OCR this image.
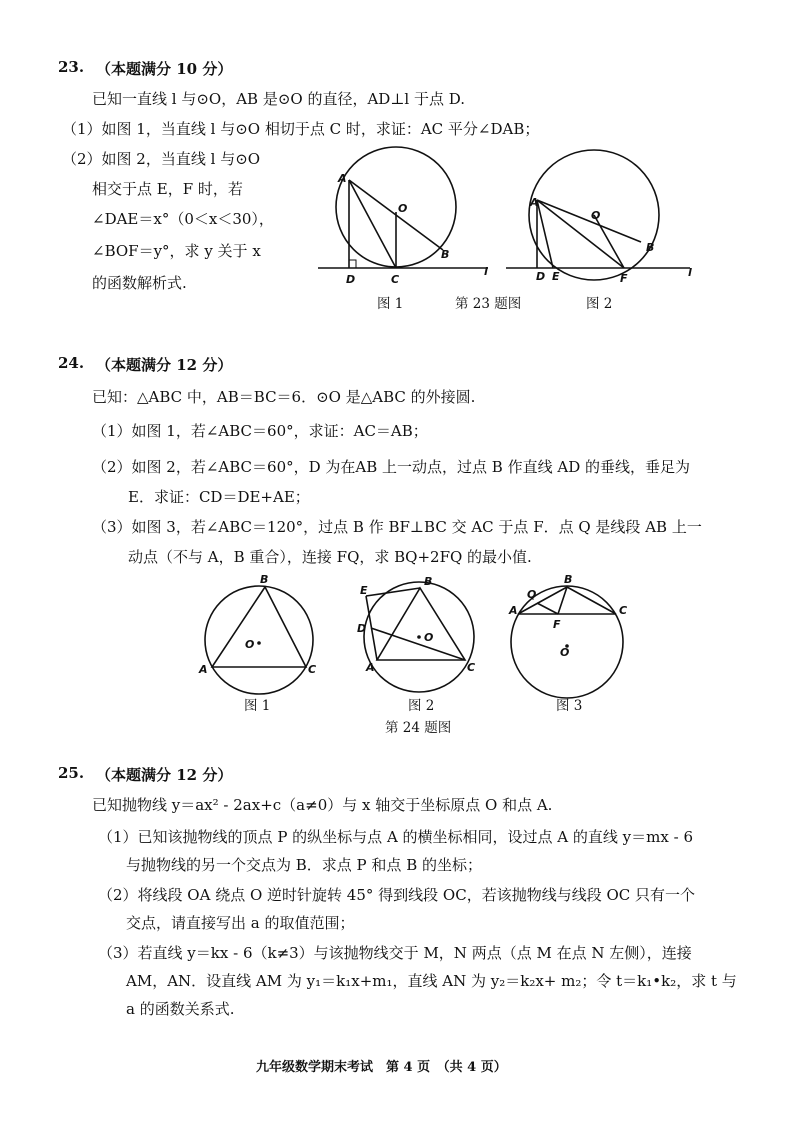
23. （本题满分 10 分）
已知一直线 l 与⊙O，AB 是⊙O 的直径，AD⊥l 于点 D.
（1）如图 1，当直线 l 与⊙O 相切于点 C 时，求证：AC 平分∠DAB；
（2）如图 2，当直线 l 与⊙O
相交于点 E，F 时，若
∠DAE＝x°（0＜x＜30），
∠BOF＝y°，求 y 关于 x
的函数解析式.
A
O
B
D	C
l
A
O
B
D E	F	l
B
A	C
O
B
E
D
A	C
O
B
Q
A	C
F
O
图 1	第 23 题图	图 2
24. （本题满分 12 分）
已知：△ABC 中，AB＝BC＝6．⊙O 是△ABC 的外接圆.
（1）如图 1，若∠ABC＝60°，求证：AC＝AB；
（2）如图 2，若∠ABC＝60°，D 为在AB 上一动点，过点 B 作直线 AD 的垂线，垂足为
E．求证：CD＝DE+AE；
（3）如图 3，若∠ABC＝120°，过点 B 作 BF⊥BC 交 AC 于点 F．点 Q 是线段 AB 上一
动点（不与 A，B 重合），连接 FQ，求 BQ+2FQ 的最小值.
图 1	图 2	图 3
第 24 题图
25. （本题满分 12 分）
已知抛物线 y＝ax² - 2ax+c（a≠0）与 x 轴交于坐标原点 O 和点 A.
（1）已知该抛物线的顶点 P 的纵坐标与点 A 的横坐标相同，设过点 A 的直线 y＝mx - 6
与抛物线的另一个交点为 B．求点 P 和点 B 的坐标；
（2）将线段 OA 绕点 O 逆时针旋转 45° 得到线段 OC，若该抛物线与线段 OC 只有一个
交点，请直接写出 a 的取值范围；
（3）若直线 y＝kx - 6（k≠3）与该抛物线交于 M，N 两点（点 M 在点 N 左侧），连接
AM，AN．设直线 AM 为 y₁＝k₁x+m₁，直线 AN 为 y₂＝k₂x+ m₂；令 t＝k₁•k₂，求 t 与
a 的函数关系式.
九年级数学期末考试　第 4 页　（共 4 页）
